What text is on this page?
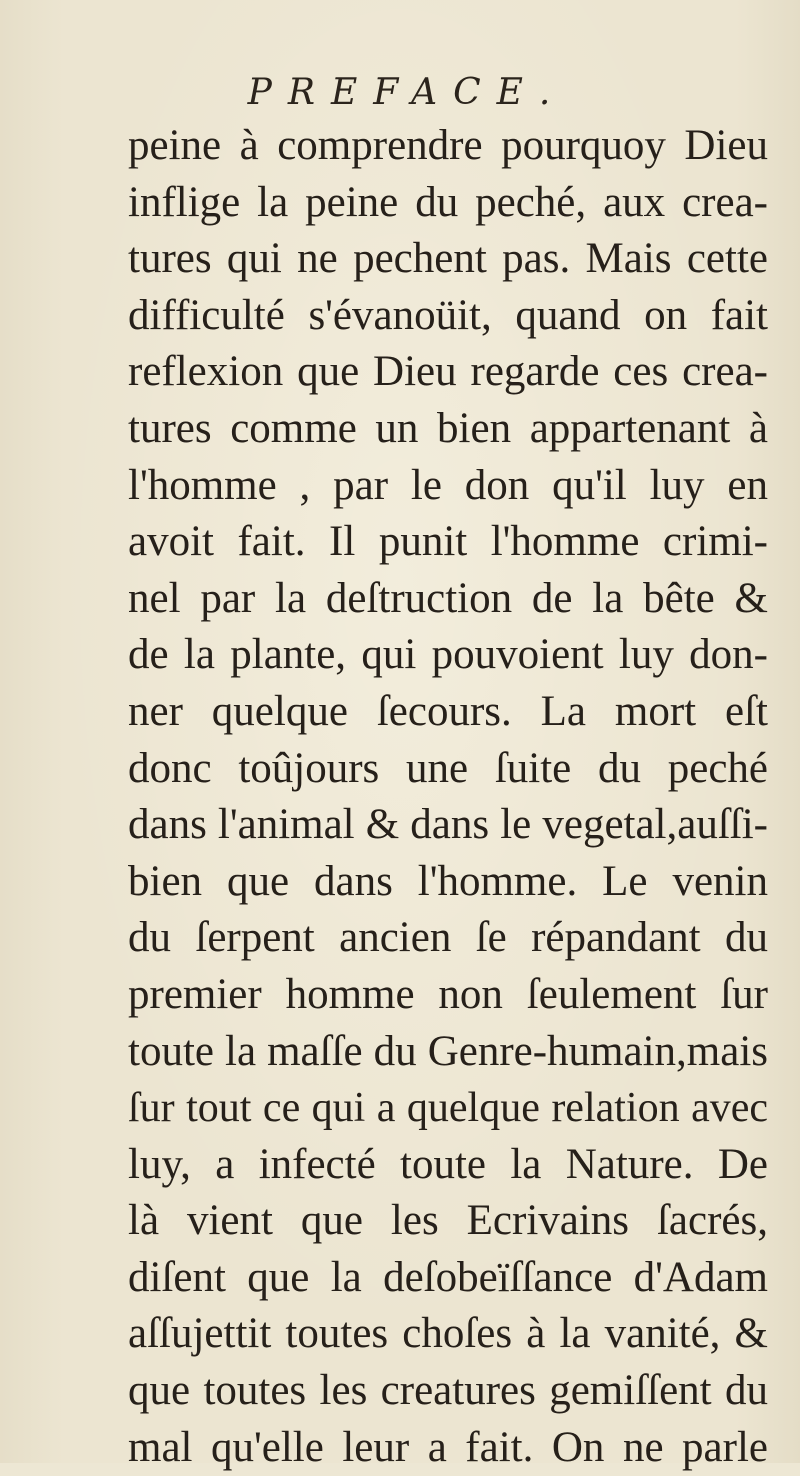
PREFACE.
peine à comprendre pourquoy Dieu
inflige la peine du peché, aux crea-
tures qui ne pechent pas. Mais cette
difficulté s'évanoüit, quand on fait
reflexion que Dieu regarde ces crea-
tures comme un bien appartenant à
l'homme , par le don qu'il luy en
avoit fait. Il punit l'homme crimi-
nel par la deſtruction de la bête &
de la plante, qui pouvoient luy don-
ner quelque ſecours. La mort eſt
donc toûjours une ſuite du peché
dans l'animal & dans le vegetal,auſſi-
bien que dans l'homme. Le venin
du ſerpent ancien ſe répandant du
premier homme non ſeulement ſur
toute la maſſe du Genre-humain,mais
ſur tout ce qui a quelque relation avec
luy, a infecté toute la Nature. De
là vient que les Ecrivains ſacrés,
diſent que la deſobeïſſance d'Adam
aſſujettit toutes choſes à la vanité, &
que toutes les creatures gemiſſent du
mal qu'elle leur a fait. On ne parle
